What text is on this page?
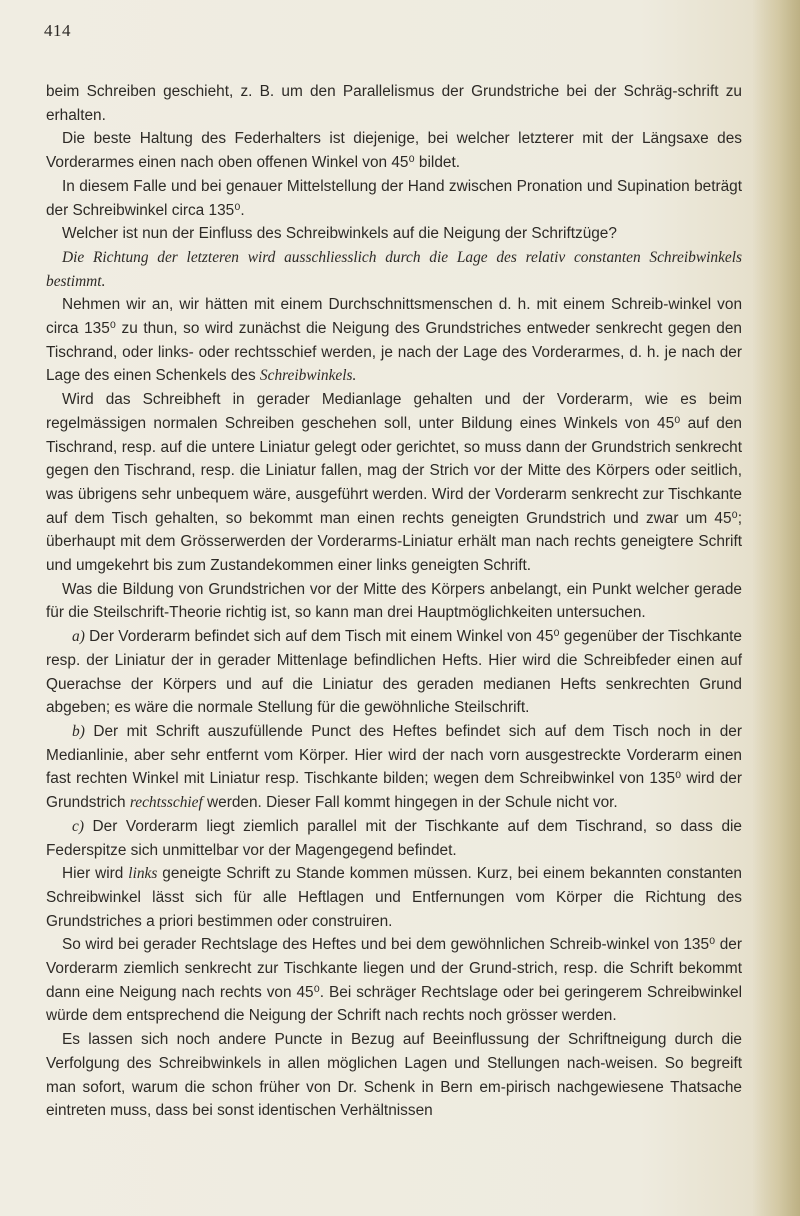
414

beim Schreiben geschieht, z. B. um den Parallelismus der Grundstriche bei der Schräg-schrift zu erhalten.

Die beste Haltung des Federhalters ist diejenige, bei welcher letzterer mit der Längsaxe des Vorderarmes einen nach oben offenen Winkel von 45⁰ bildet.

In diesem Falle und bei genauer Mittelstellung der Hand zwischen Pronation und Supination beträgt der Schreibwinkel circa 135⁰.

Welcher ist nun der Einfluss des Schreibwinkels auf die Neigung der Schriftzüge?

Die Richtung der letzteren wird ausschliesslich durch die Lage des relativ constanten Schreibwinkels bestimmt.

Nehmen wir an, wir hätten mit einem Durchschnittsmenschen d. h. mit einem Schreib-winkel von circa 135⁰ zu thun, so wird zunächst die Neigung des Grundstriches entweder senkrecht gegen den Tischrand, oder links- oder rechtsschief werden, je nach der Lage des Vorderarmes, d. h. je nach der Lage des einen Schenkels des Schreibwinkels.

Wird das Schreibheft in gerader Medianlage gehalten und der Vorderarm, wie es beim regelmässigen normalen Schreiben geschehen soll, unter Bildung eines Winkels von 45⁰ auf den Tischrand, resp. auf die untere Liniatur gelegt oder gerichtet, so muss dann der Grundstrich senkrecht gegen den Tischrand, resp. die Liniatur fallen, mag der Strich vor der Mitte des Körpers oder seitlich, was übrigens sehr unbequem wäre, ausgeführt werden. Wird der Vorderarm senkrecht zur Tischkante auf dem Tisch gehalten, so bekommt man einen rechts geneigten Grundstrich und zwar um 45⁰; überhaupt mit dem Grösserwerden der Vorderarms-Liniatur erhält man nach rechts geneigtere Schrift und umgekehrt bis zum Zustandekommen einer links geneigten Schrift.

Was die Bildung von Grundstrichen vor der Mitte des Körpers anbelangt, ein Punkt welcher gerade für die Steilschrift-Theorie richtig ist, so kann man drei Hauptmöglichkeiten untersuchen.

a) Der Vorderarm befindet sich auf dem Tisch mit einem Winkel von 45⁰ gegenüber der Tischkante resp. der Liniatur der in gerader Mittenlage befindlichen Hefts. Hier wird die Schreibfeder einen auf Querachse der Körpers und auf die Liniatur des geraden medianen Hefts senkrechten Grund abgeben; es wäre die normale Stellung für die gewöhnliche Steilschrift.

b) Der mit Schrift auszufüllende Punct des Heftes befindet sich auf dem Tisch noch in der Medianlinie, aber sehr entfernt vom Körper. Hier wird der nach vorn ausgestreckte Vorderarm einen fast rechten Winkel mit Liniatur resp. Tischkante bilden; wegen dem Schreibwinkel von 135⁰ wird der Grundstrich rechtsschief werden. Dieser Fall kommt hingegen in der Schule nicht vor.

c) Der Vorderarm liegt ziemlich parallel mit der Tischkante auf dem Tischrand, so dass die Federspitze sich unmittelbar vor der Magengegend befindet.

Hier wird links geneigte Schrift zu Stande kommen müssen. Kurz, bei einem bekannten constanten Schreibwinkel lässt sich für alle Heftlagen und Entfernungen vom Körper die Richtung des Grundstriches a priori bestimmen oder construiren.

So wird bei gerader Rechtslage des Heftes und bei dem gewöhnlichen Schreib-winkel von 135⁰ der Vorderarm ziemlich senkrecht zur Tischkante liegen und der Grund-strich, resp. die Schrift bekommt dann eine Neigung nach rechts von 45⁰. Bei schräger Rechtslage oder bei geringerem Schreibwinkel würde dem entsprechend die Neigung der Schrift nach rechts noch grösser werden.

Es lassen sich noch andere Puncte in Bezug auf Beeinflussung der Schriftneigung durch die Verfolgung des Schreibwinkels in allen möglichen Lagen und Stellungen nach-weisen. So begreift man sofort, warum die schon früher von Dr. Schenk in Bern em-pirisch nachgewiesene Thatsache eintreten muss, dass bei sonst identischen Verhältnissen
